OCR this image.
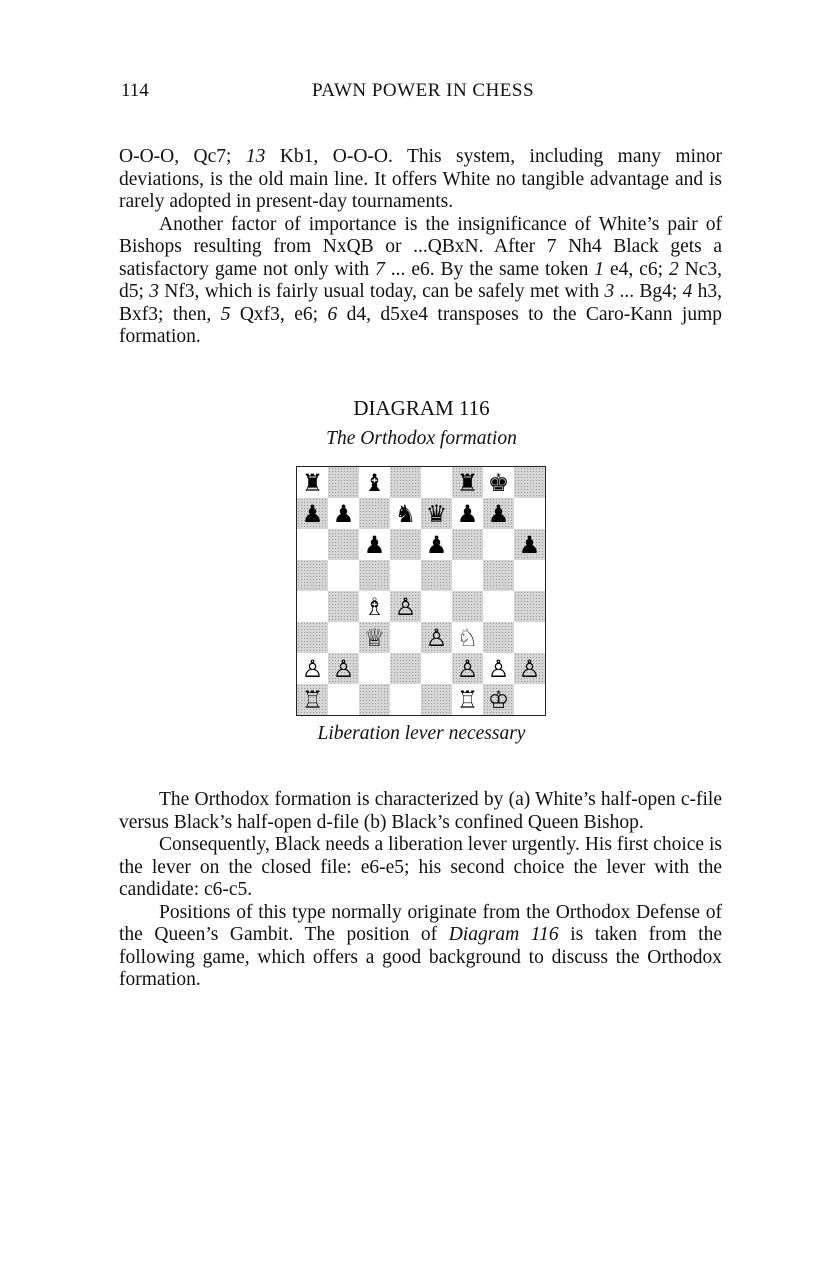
114	PAWN POWER IN CHESS

O-O-O, Qc7; 13 Kb1, O-O-O. This system, including many minor deviations, is the old main line. It offers White no tangible advantage and is rarely adopted in present-day tournaments.

Another factor of importance is the insignificance of White’s pair of Bishops resulting from NxQB or ...QBxN. After 7 Nh4 Black gets a satisfactory game not only with 7 ... e6. By the same token 1 e4, c6; 2 Nc3, d5; 3 Nf3, which is fairly usual today, can be safely met with 3 ... Bg4; 4 h3, Bxf3; then, 5 Qxf3, e6; 6 d4, d5xe4 transposes to the Caro-Kann jump formation.

DIAGRAM 116
The Orthodox formation
♜ ♝	♜ ♚
♟ ♟ ♞ ♛ ♟ ♟
♟ ♟	♟
♗ ♙
♕ ♙ ♘
♙ ♙	♙ ♙ ♙
♖	♖ ♔
Liberation lever necessary

The Orthodox formation is characterized by (a) White’s half-open c-file versus Black’s half-open d-file (b) Black’s confined Queen Bishop.

Consequently, Black needs a liberation lever urgently. His first choice is the lever on the closed file: e6-e5; his second choice the lever with the candidate: c6-c5.

Positions of this type normally originate from the Orthodox Defense of the Queen’s Gambit. The position of Diagram 116 is taken from the following game, which offers a good background to discuss the Orthodox formation.
